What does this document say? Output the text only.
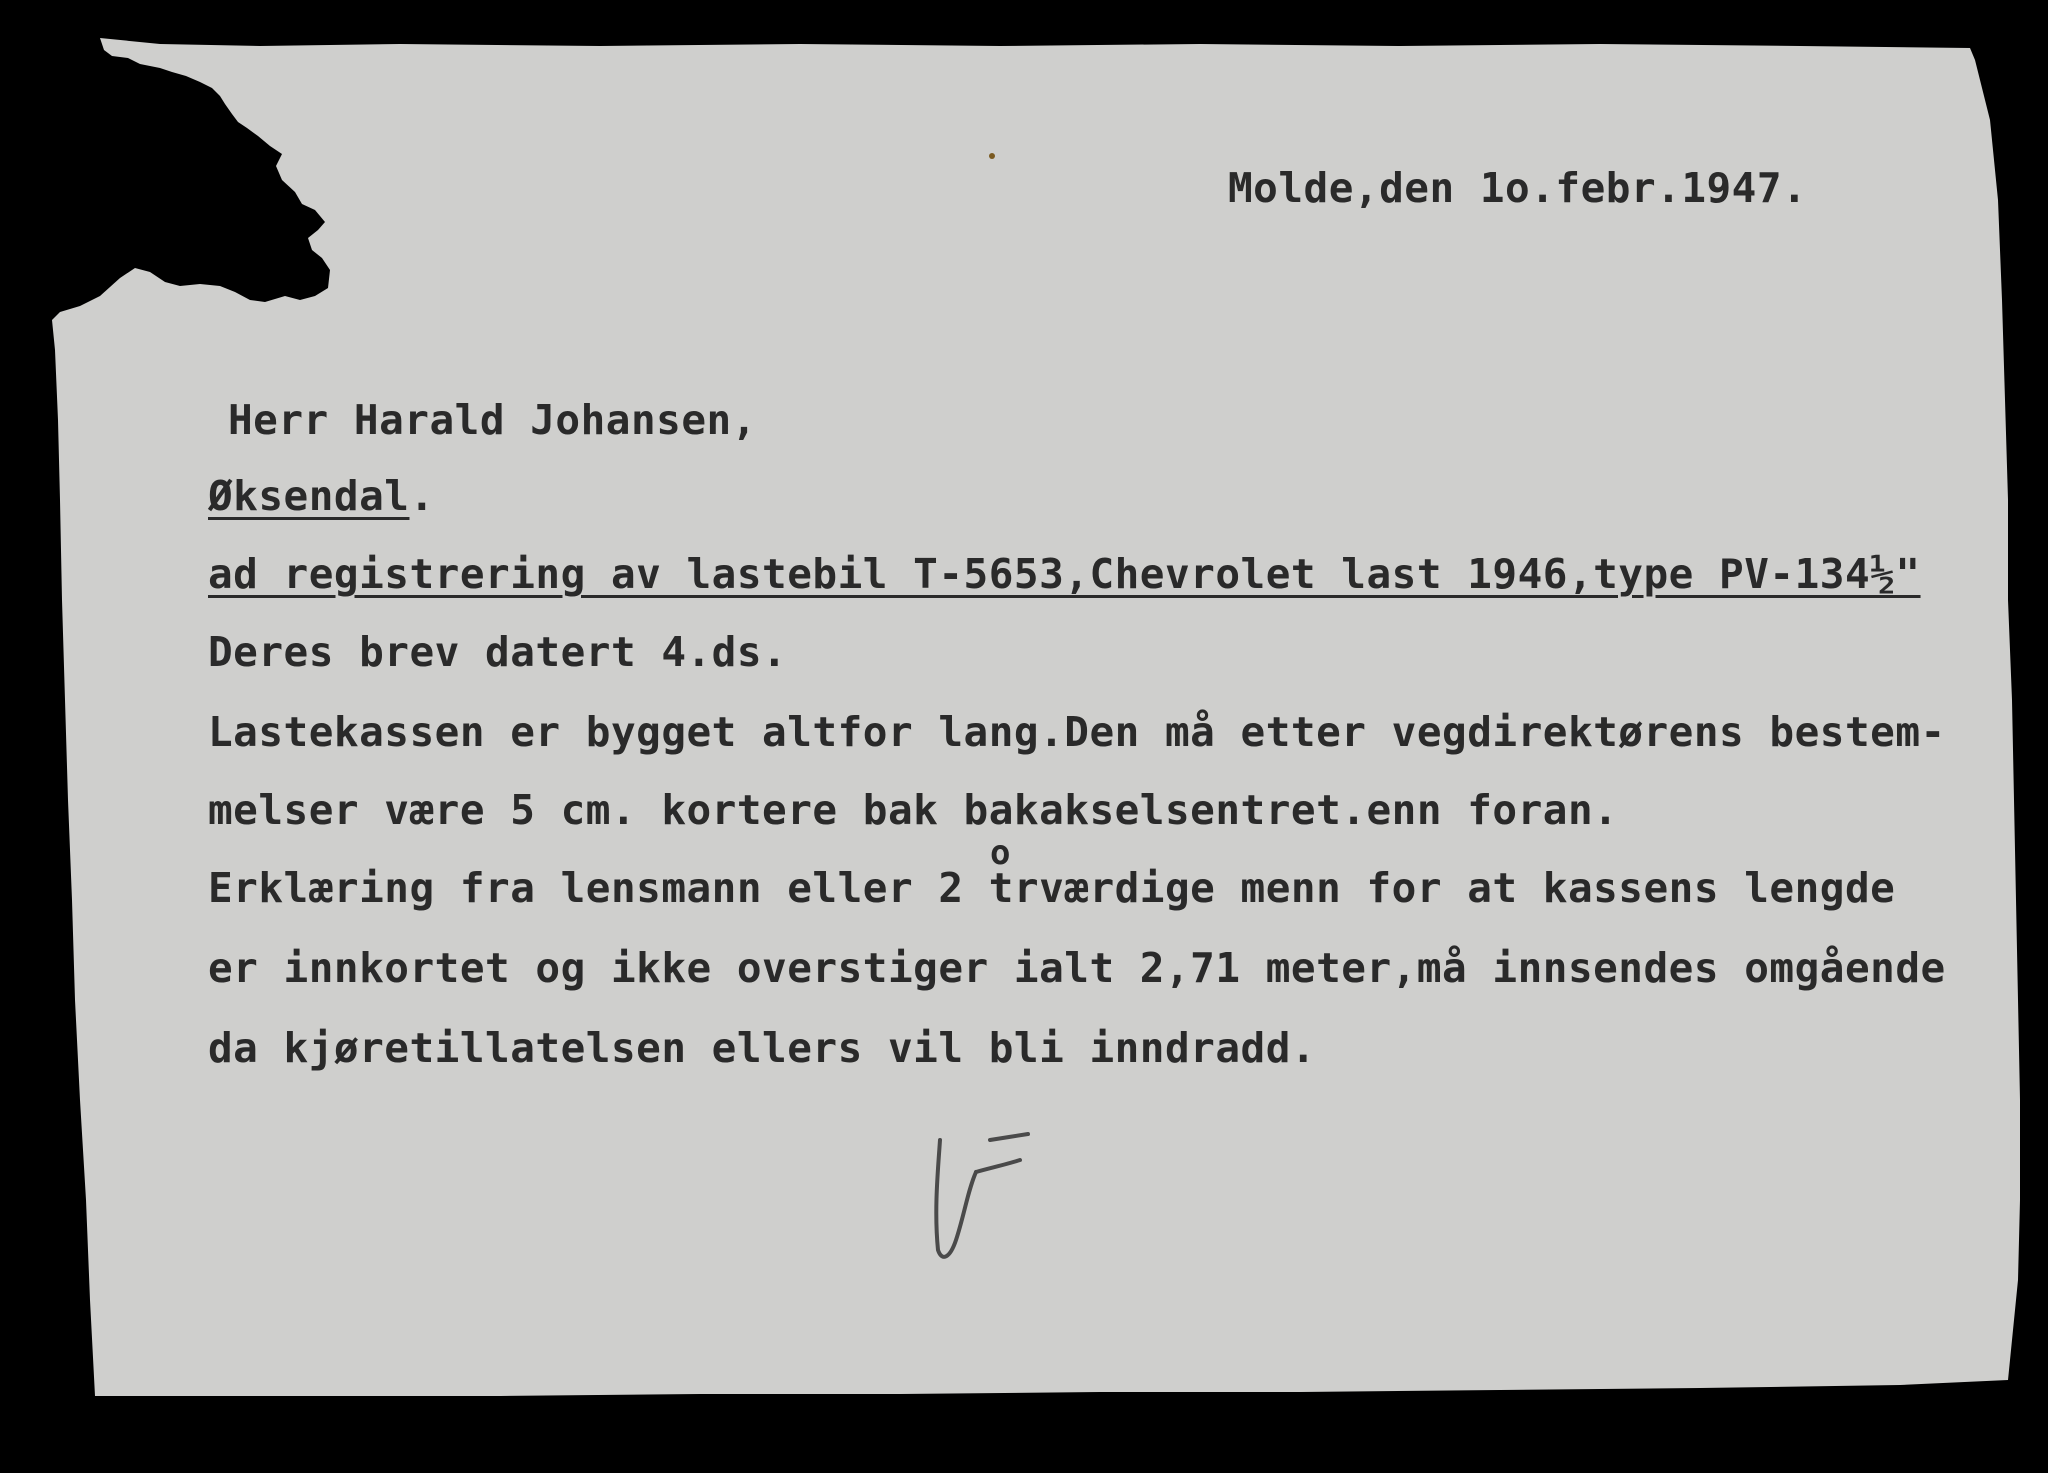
Molde,den 1o.febr.1947.
Herr Harald Johansen,
Øksendal.
ad registrering av lastebil T-5653,Chevrolet last 1946,type PV-134½"
Deres brev datert 4.ds.
Lastekassen er bygget altfor lang.Den må etter vegdirektørens bestem-
melser være 5 cm. kortere bak bakakselsentret.enn foran.
o
Erklæring fra lensmann eller 2 trværdige menn for at kassens lengde
er innkortet og ikke overstiger ialt 2,71 meter,må innsendes omgående
da kjøretillatelsen ellers vil bli inndradd.
